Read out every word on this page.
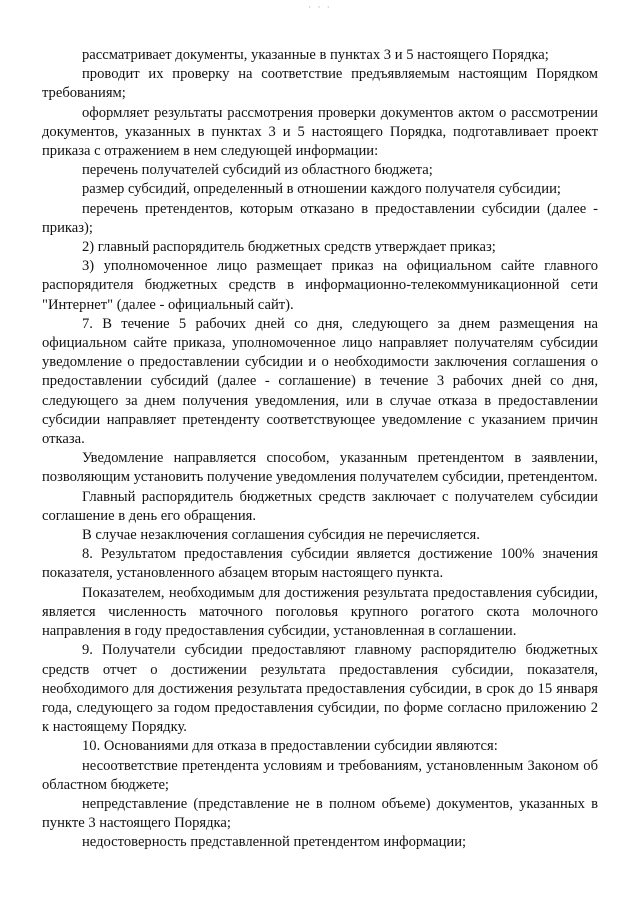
· · ·

рассматривает документы, указанные в пунктах 3 и 5 настоящего Порядка;

проводит их проверку на соответствие предъявляемым настоящим Порядком требованиям;

оформляет результаты рассмотрения проверки документов актом о рассмотрении документов, указанных в пунктах 3 и 5 настоящего Порядка, подготавливает проект приказа с отражением в нем следующей информации:

перечень получателей субсидий из областного бюджета;

размер субсидий, определенный в отношении каждого получателя субсидии;

перечень претендентов, которым отказано в предоставлении субсидии (далее - приказ);

2) главный распорядитель бюджетных средств утверждает приказ;

3) уполномоченное лицо размещает приказ на официальном сайте главного распорядителя бюджетных средств в информационно-телекоммуникационной сети "Интернет" (далее - официальный сайт).

7. В течение 5 рабочих дней со дня, следующего за днем размещения на официальном сайте приказа, уполномоченное лицо направляет получателям субсидии уведомление о предоставлении субсидии и о необходимости заключения соглашения о предоставлении субсидий (далее - соглашение) в течение 3 рабочих дней со дня, следующего за днем получения уведомления, или в случае отказа в предоставлении субсидии направляет претенденту соответствующее уведомление с указанием причин отказа.

Уведомление направляется способом, указанным претендентом в заявлении, позволяющим установить получение уведомления получателем субсидии, претендентом.

Главный распорядитель бюджетных средств заключает с получателем субсидии соглашение в день его обращения.

В случае незаключения соглашения субсидия не перечисляется.

8. Результатом предоставления субсидии является достижение 100% значения показателя, установленного абзацем вторым настоящего пункта.

Показателем, необходимым для достижения результата предоставления субсидии, является численность маточного поголовья крупного рогатого скота молочного направления в году предоставления субсидии, установленная в соглашении.

9. Получатели субсидии предоставляют главному распорядителю бюджетных средств отчет о достижении результата предоставления субсидии, показателя, необходимого для достижения результата предоставления субсидии, в срок до 15 января года, следующего за годом предоставления субсидии, по форме согласно приложению 2 к настоящему Порядку.

10. Основаниями для отказа в предоставлении субсидии являются:

несоответствие претендента условиям и требованиям, установленным Законом об областном бюджете;

непредставление (представление не в полном объеме) документов, указанных в пункте 3 настоящего Порядка;

недостоверность представленной претендентом информации;
